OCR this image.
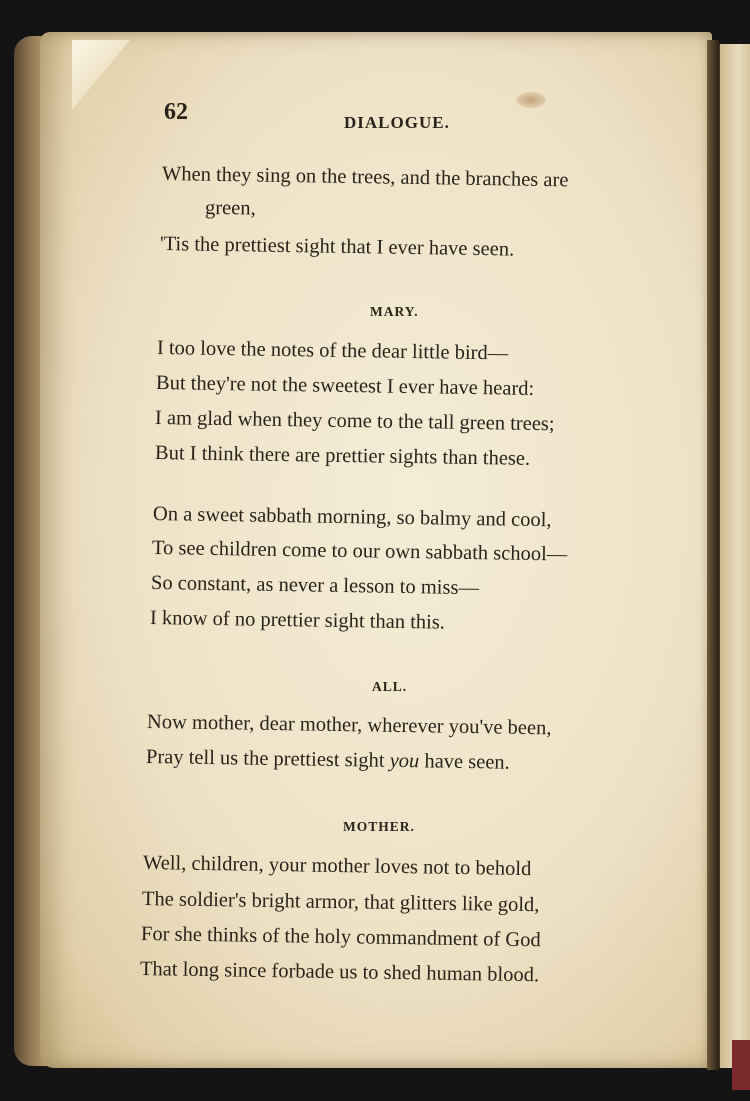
62	DIALOGUE.
When they sing on the trees, and the branches are
green,
'Tis the prettiest sight that I ever have seen.
MARY.
I too love the notes of the dear little bird—
But they're not the sweetest I ever have heard:
I am glad when they come to the tall green trees;
But I think there are prettier sights than these.
On a sweet sabbath morning, so balmy and cool,
To see children come to our own sabbath school—
So constant, as never a lesson to miss—
I know of no prettier sight than this.
ALL.
Now mother, dear mother, wherever you've been,
Pray tell us the prettiest sight you have seen.
MOTHER.
Well, children, your mother loves not to behold
The soldier's bright armor, that glitters like gold,
For she thinks of the holy commandment of God
That long since forbade us to shed human blood.
